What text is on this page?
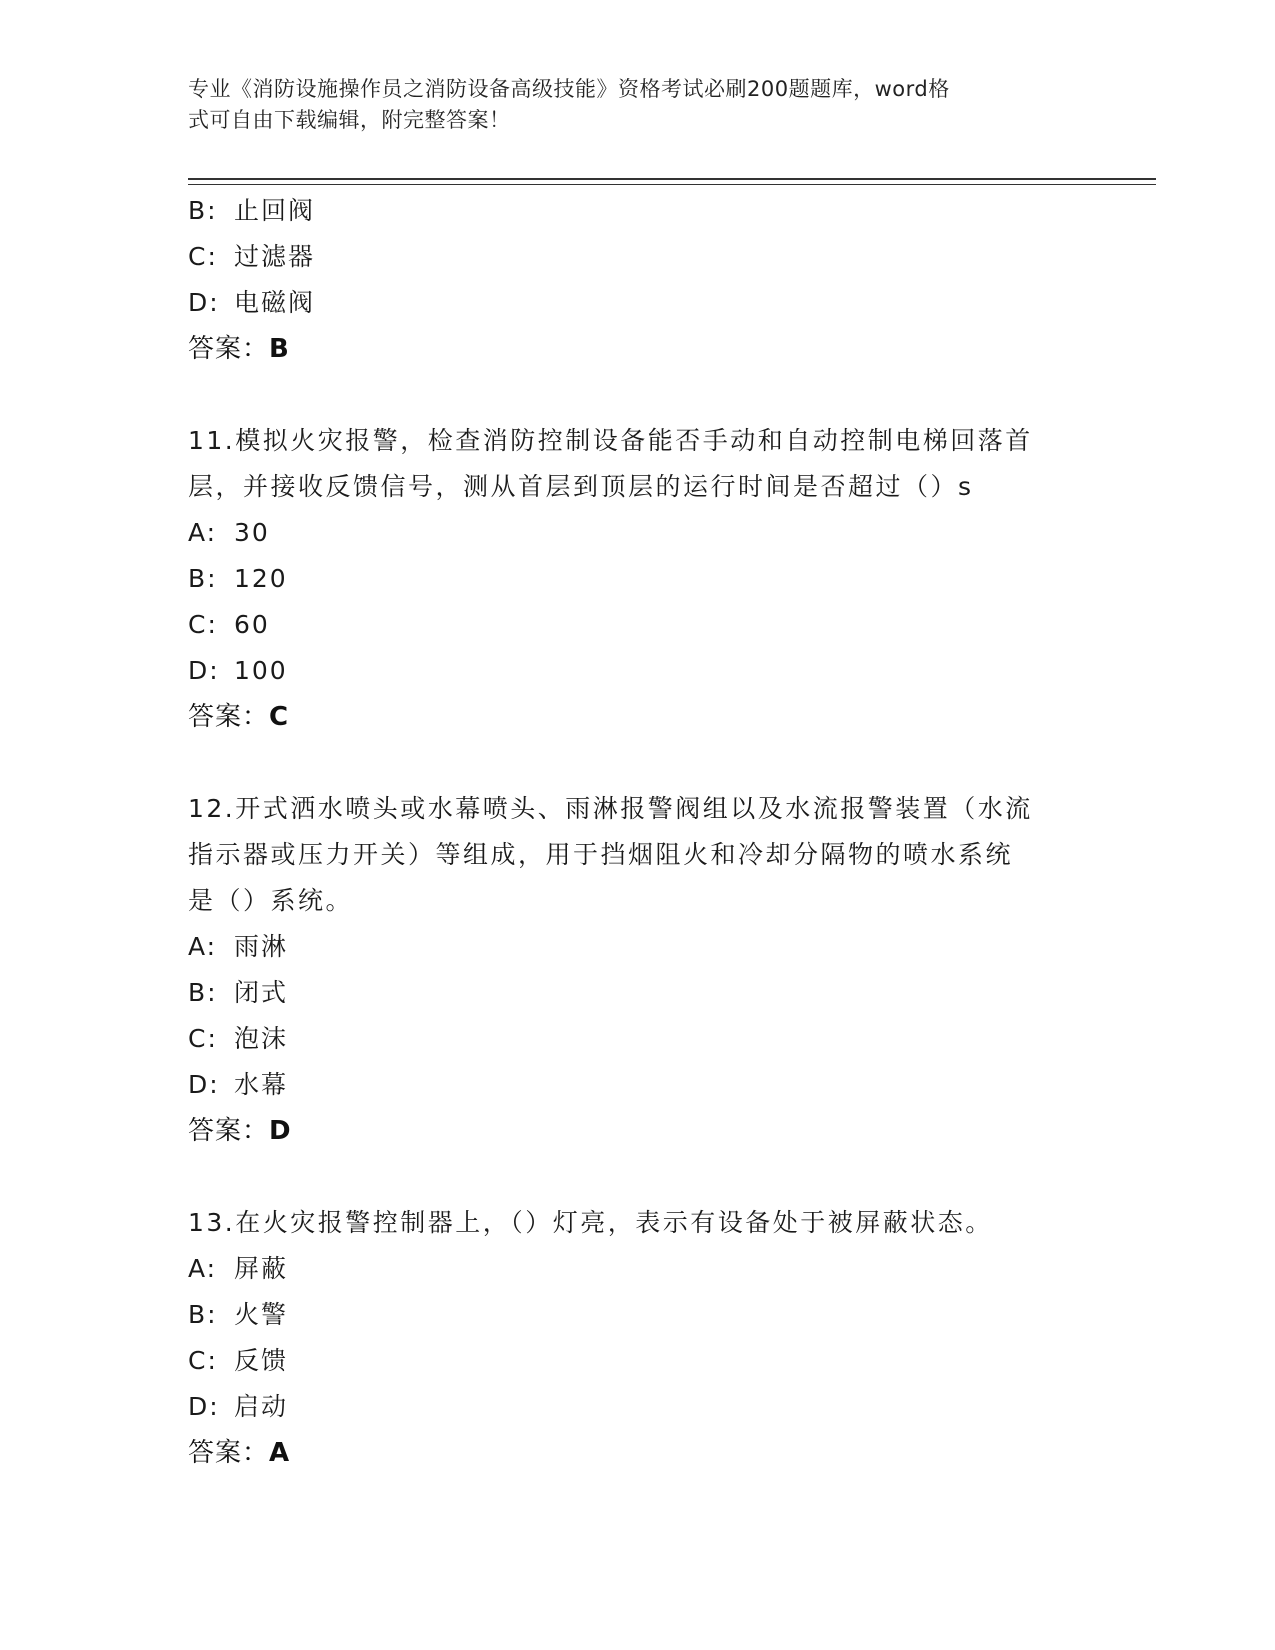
专业《消防设施操作员之消防设备高级技能》资格考试必刷200题题库，word格
式可自由下载编辑，附完整答案！
B: 止回阀
C: 过滤器
D: 电磁阀
答案：B
11.模拟火灾报警，检查消防控制设备能否手动和自动控制电梯回落首
层，并接收反馈信号，测从首层到顶层的运行时间是否超过（）s
A: 30
B: 120
C: 60
D: 100
答案：C
12.开式洒水喷头或水幕喷头、雨淋报警阀组以及水流报警装置（水流
指示器或压力开关）等组成，用于挡烟阻火和冷却分隔物的喷水系统
是（）系统。
A: 雨淋
B: 闭式
C: 泡沫
D: 水幕
答案：D
13.在火灾报警控制器上，（）灯亮，表示有设备处于被屏蔽状态。
A: 屏蔽
B: 火警
C: 反馈
D: 启动
答案：A
